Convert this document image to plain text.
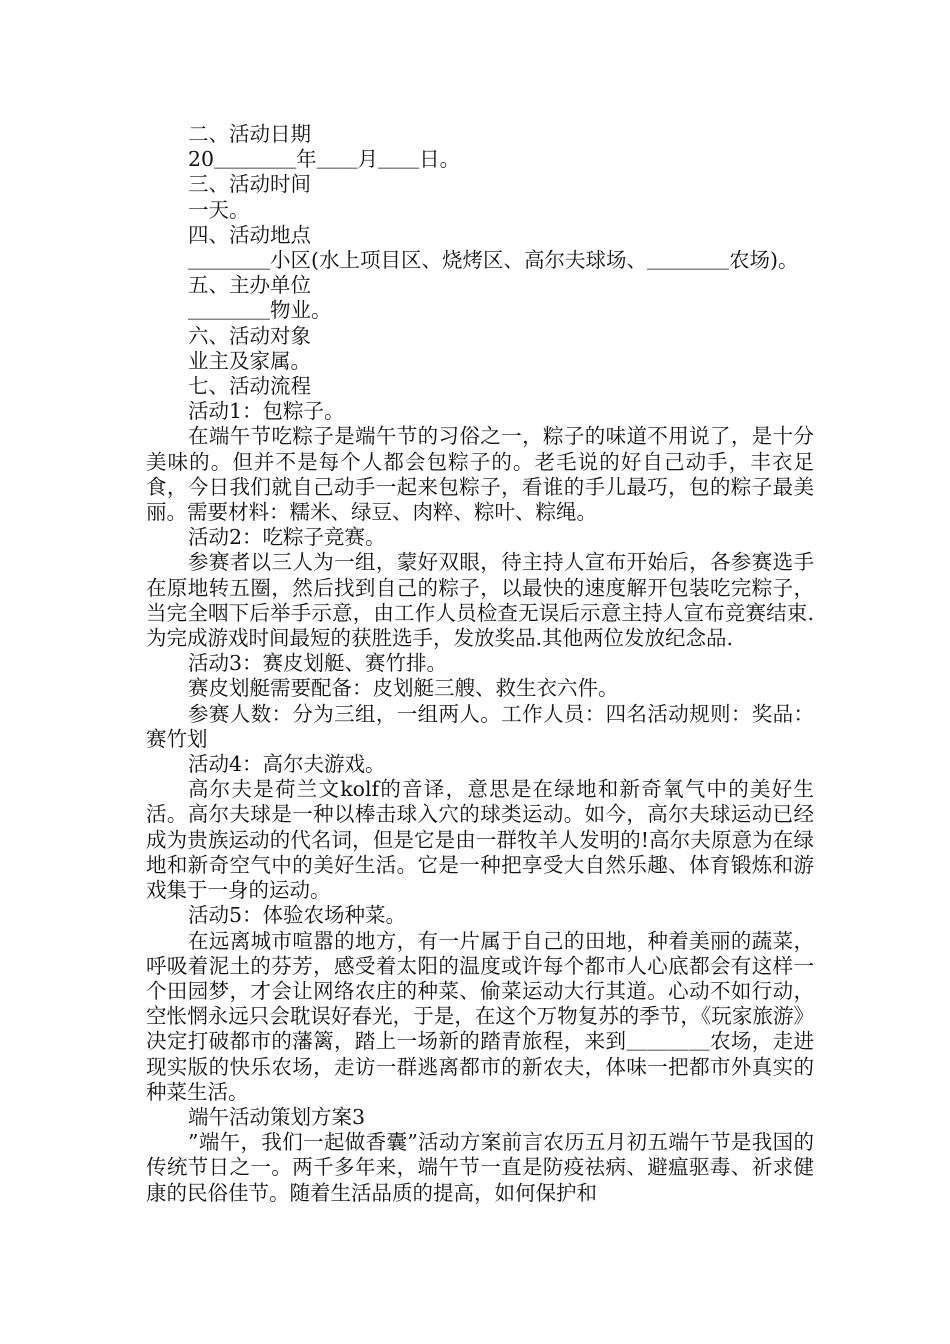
二、活动日期

20＿＿＿＿年＿＿月＿＿日。

三、活动时间

一天。

四、活动地点

＿＿＿＿小区(水上项目区、烧烤区、高尔夫球场、＿＿＿＿农场)。

五、主办单位

＿＿＿＿物业。

六、活动对象

业主及家属。

七、活动流程

活动1：包粽子。

在端午节吃粽子是端午节的习俗之一，粽子的味道不用说了，是十分美味的。但并不是每个人都会包粽子的。老毛说的好自己动手，丰衣足食，今日我们就自己动手一起来包粽子，看谁的手儿最巧，包的粽子最美丽。需要材料：糯米、绿豆、肉粹、粽叶、粽绳。

活动2：吃粽子竞赛。

参赛者以三人为一组，蒙好双眼，待主持人宣布开始后，各参赛选手在原地转五圈，然后找到自己的粽子，以最快的速度解开包装吃完粽子，当完全咽下后举手示意，由工作人员检查无误后示意主持人宣布竞赛结束.为完成游戏时间最短的获胜选手，发放奖品.其他两位发放纪念品.

活动3：赛皮划艇、赛竹排。

赛皮划艇需要配备：皮划艇三艘、救生衣六件。

参赛人数：分为三组，一组两人。工作人员：四名活动规则：奖品：赛竹划

活动4：高尔夫游戏。

高尔夫是荷兰文kolf的音译，意思是在绿地和新奇氧气中的美好生活。高尔夫球是一种以棒击球入穴的球类运动。如今，高尔夫球运动已经成为贵族运动的代名词，但是它是由一群牧羊人发明的!高尔夫原意为在绿地和新奇空气中的美好生活。它是一种把享受大自然乐趣、体育锻炼和游戏集于一身的运动。

活动5：体验农场种菜。

在远离城市喧嚣的地方，有一片属于自己的田地，种着美丽的蔬菜，呼吸着泥土的芬芳，感受着太阳的温度或许每个都市人心底都会有这样一个田园梦，才会让网络农庄的种菜、偷菜运动大行其道。心动不如行动，空怅惘永远只会耽误好春光，于是，在这个万物复苏的季节，《玩家旅游》决定打破都市的藩篱，踏上一场新的踏青旅程，来到＿＿＿＿农场，走进现实版的快乐农场，走访一群逃离都市的新农夫，体味一把都市外真实的种菜生活。

端午活动策划方案3

”端午，我们一起做香囊”活动方案前言农历五月初五端午节是我国的传统节日之一。两千多年来，端午节一直是防疫祛病、避瘟驱毒、祈求健康的民俗佳节。随着生活品质的提高，如何保护和
